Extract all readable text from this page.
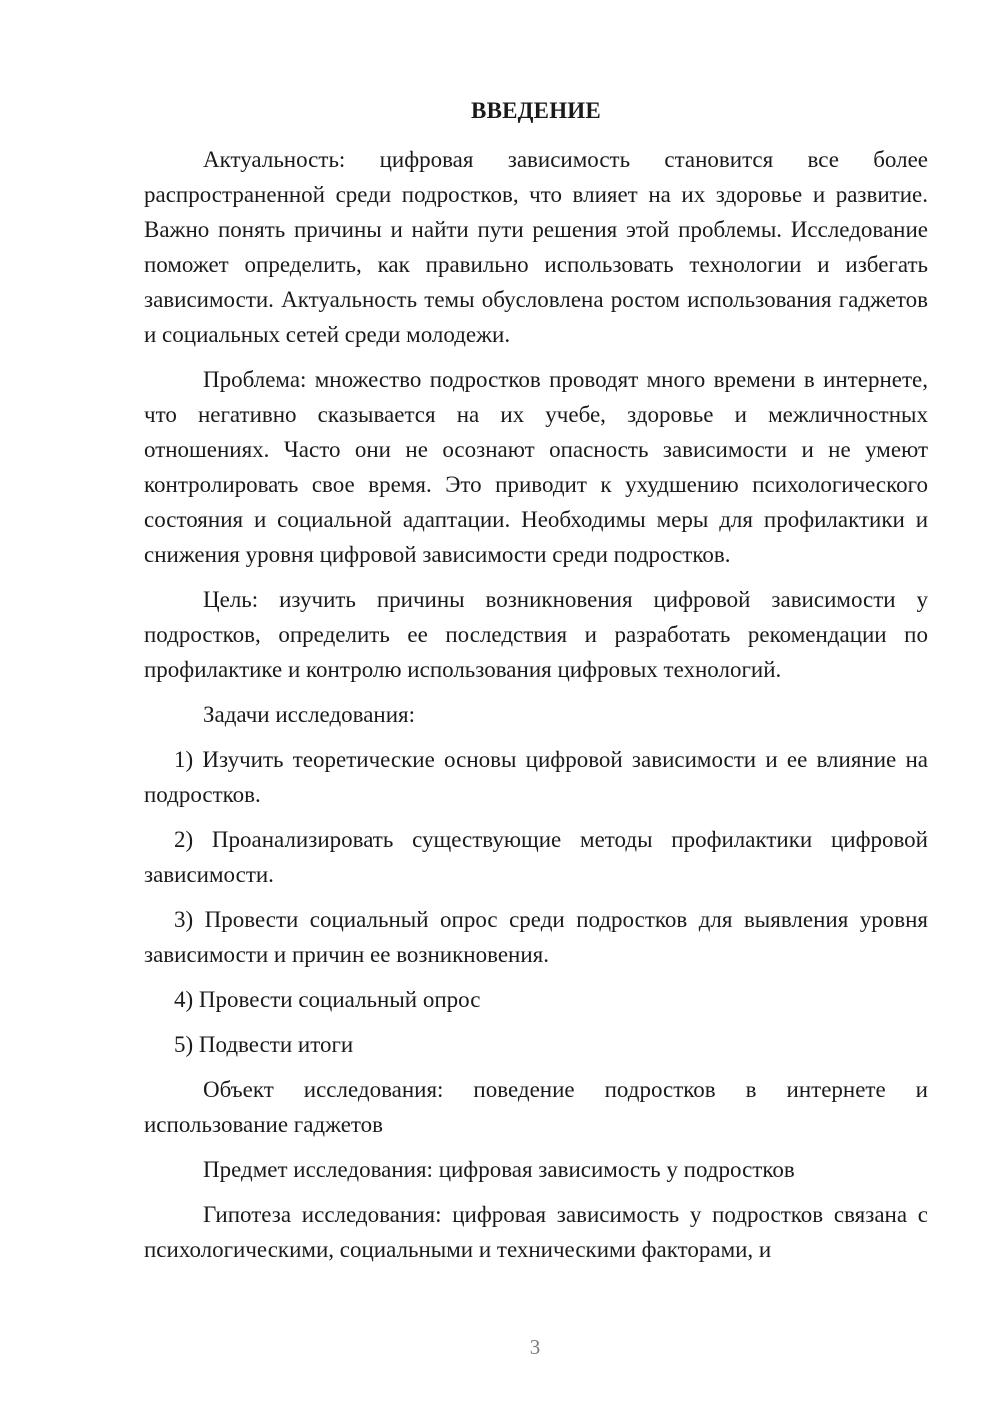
ВВЕДЕНИЕ

Актуальность: цифровая зависимость становится все более распространенной среди подростков, что влияет на их здоровье и развитие. Важно понять причины и найти пути решения этой проблемы. Исследование поможет определить, как правильно использовать технологии и избегать зависимости. Актуальность темы обусловлена ростом использования гаджетов и социальных сетей среди молодежи.

Проблема: множество подростков проводят много времени в интернете, что негативно сказывается на их учебе, здоровье и межличностных отношениях. Часто они не осознают опасность зависимости и не умеют контролировать свое время. Это приводит к ухудшению психологического состояния и социальной адаптации. Необходимы меры для профилактики и снижения уровня цифровой зависимости среди подростков.

Цель: изучить причины возникновения цифровой зависимости у подростков, определить ее последствия и разработать рекомендации по профилактике и контролю использования цифровых технологий.

Задачи исследования:

1) Изучить теоретические основы цифровой зависимости и ее влияние на подростков.

2) Проанализировать существующие методы профилактики цифровой зависимости.

3) Провести социальный опрос среди подростков для выявления уровня зависимости и причин ее возникновения.

4) Провести социальный опрос

5) Подвести итоги

Объект исследования: поведение подростков в интернете и использование гаджетов

Предмет исследования: цифровая зависимость у подростков

Гипотеза исследования: цифровая зависимость у подростков связана с психологическими, социальными и техническими факторами, и

3
